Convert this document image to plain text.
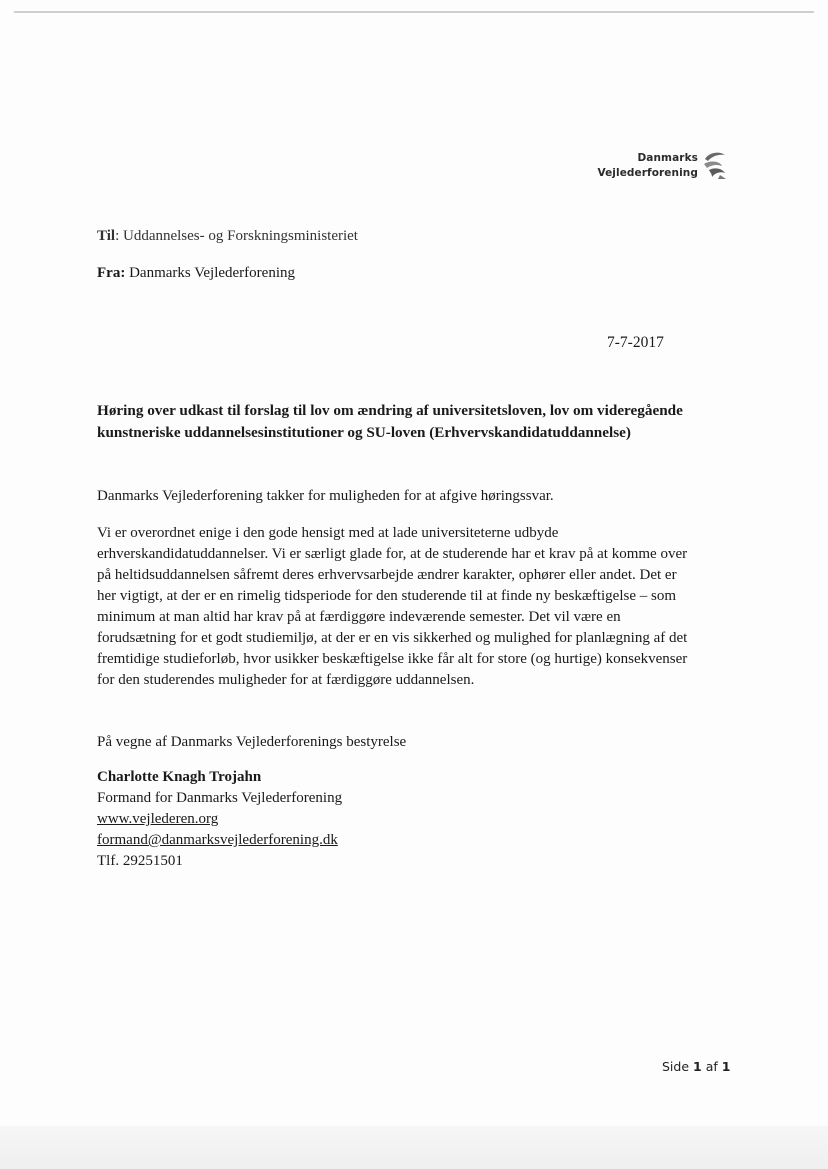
Danmarks
Vejlederforening
Til: Uddannelses- og Forskningsministeriet
Fra: Danmarks Vejlederforening
7-7-2017
Høring over udkast til forslag til lov om ændring af universitetsloven, lov om videregående
kunstneriske uddannelsesinstitutioner og SU-loven (Erhvervskandidatuddannelse)
Danmarks Vejlederforening takker for muligheden for at afgive høringssvar.
Vi er overordnet enige i den gode hensigt med at lade universiteterne udbyde
erhverskandidatuddannelser. Vi er særligt glade for, at de studerende har et krav på at komme over
på heltidsuddannelsen såfremt deres erhvervsarbejde ændrer karakter, ophører eller andet. Det er
her vigtigt, at der er en rimelig tidsperiode for den studerende til at finde ny beskæftigelse – som
minimum at man altid har krav på at færdiggøre indeværende semester. Det vil være en
forudsætning for et godt studiemiljø, at der er en vis sikkerhed og mulighed for planlægning af det
fremtidige studieforløb, hvor usikker beskæftigelse ikke får alt for store (og hurtige) konsekvenser
for den studerendes muligheder for at færdiggøre uddannelsen.
På vegne af Danmarks Vejlederforenings bestyrelse
Charlotte Knagh Trojahn
Formand for Danmarks Vejlederforening
www.vejlederen.org
formand@danmarksvejlederforening.dk
Tlf. 29251501
Side 1 af 1
